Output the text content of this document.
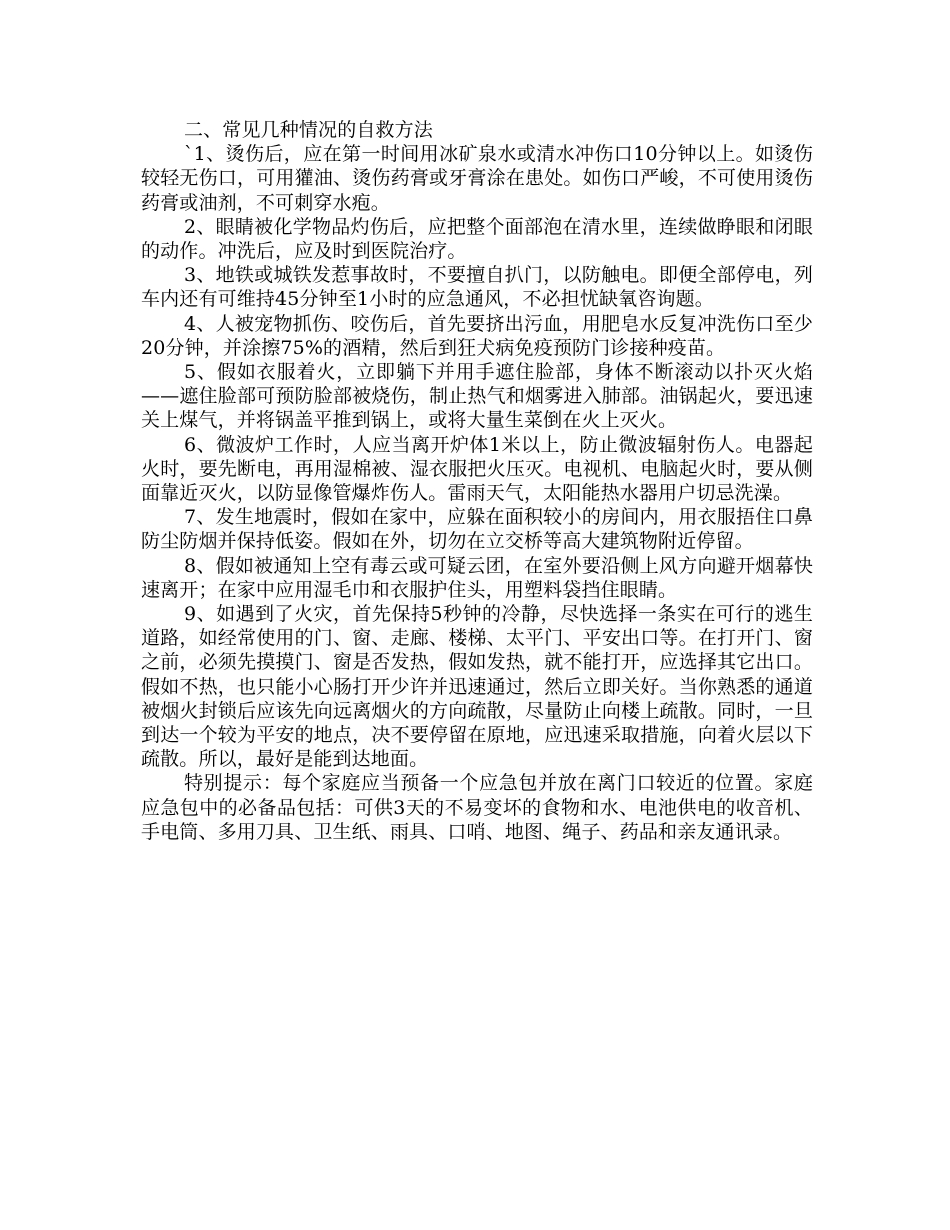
二、常见几种情况的自救方法

`1、烫伤后，应在第一时间用冰矿泉水或清水冲伤口10分钟以上。如烫伤较轻无伤口，可用獾油、烫伤药膏或牙膏涂在患处。如伤口严峻，不可使用烫伤药膏或油剂，不可刺穿水疱。

2、眼睛被化学物品灼伤后，应把整个面部泡在清水里，连续做睁眼和闭眼的动作。冲洗后，应及时到医院治疗。

3、地铁或城铁发惹事故时，不要擅自扒门，以防触电。即便全部停电，列车内还有可维持45分钟至1小时的应急通风，不必担忧缺氧咨询题。

4、人被宠物抓伤、咬伤后，首先要挤出污血，用肥皂水反复冲洗伤口至少20分钟，并涂擦75%的酒精，然后到狂犬病免疫预防门诊接种疫苗。

5、假如衣服着火，立即躺下并用手遮住脸部，身体不断滚动以扑灭火焰——遮住脸部可预防脸部被烧伤，制止热气和烟雾进入肺部。油锅起火，要迅速关上煤气，并将锅盖平推到锅上，或将大量生菜倒在火上灭火。

6、微波炉工作时，人应当离开炉体1米以上，防止微波辐射伤人。电器起火时，要先断电，再用湿棉被、湿衣服把火压灭。电视机、电脑起火时，要从侧面靠近灭火，以防显像管爆炸伤人。雷雨天气，太阳能热水器用户切忌洗澡。

7、发生地震时，假如在家中，应躲在面积较小的房间内，用衣服捂住口鼻防尘防烟并保持低姿。假如在外，切勿在立交桥等高大建筑物附近停留。

8、假如被通知上空有毒云或可疑云团，在室外要沿侧上风方向避开烟幕快速离开；在家中应用湿毛巾和衣服护住头，用塑料袋挡住眼睛。

9、如遇到了火灾，首先保持5秒钟的冷静，尽快选择一条实在可行的逃生道路，如经常使用的门、窗、走廊、楼梯、太平门、平安出口等。在打开门、窗之前，必须先摸摸门、窗是否发热，假如发热，就不能打开，应选择其它出口。假如不热，也只能小心肠打开少许并迅速通过，然后立即关好。当你熟悉的通道被烟火封锁后应该先向远离烟火的方向疏散，尽量防止向楼上疏散。同时，一旦到达一个较为平安的地点，决不要停留在原地，应迅速采取措施，向着火层以下疏散。所以，最好是能到达地面。

特别提示：每个家庭应当预备一个应急包并放在离门口较近的位置。家庭应急包中的必备品包括：可供3天的不易变坏的食物和水、电池供电的收音机、手电筒、多用刀具、卫生纸、雨具、口哨、地图、绳子、药品和亲友通讯录。
